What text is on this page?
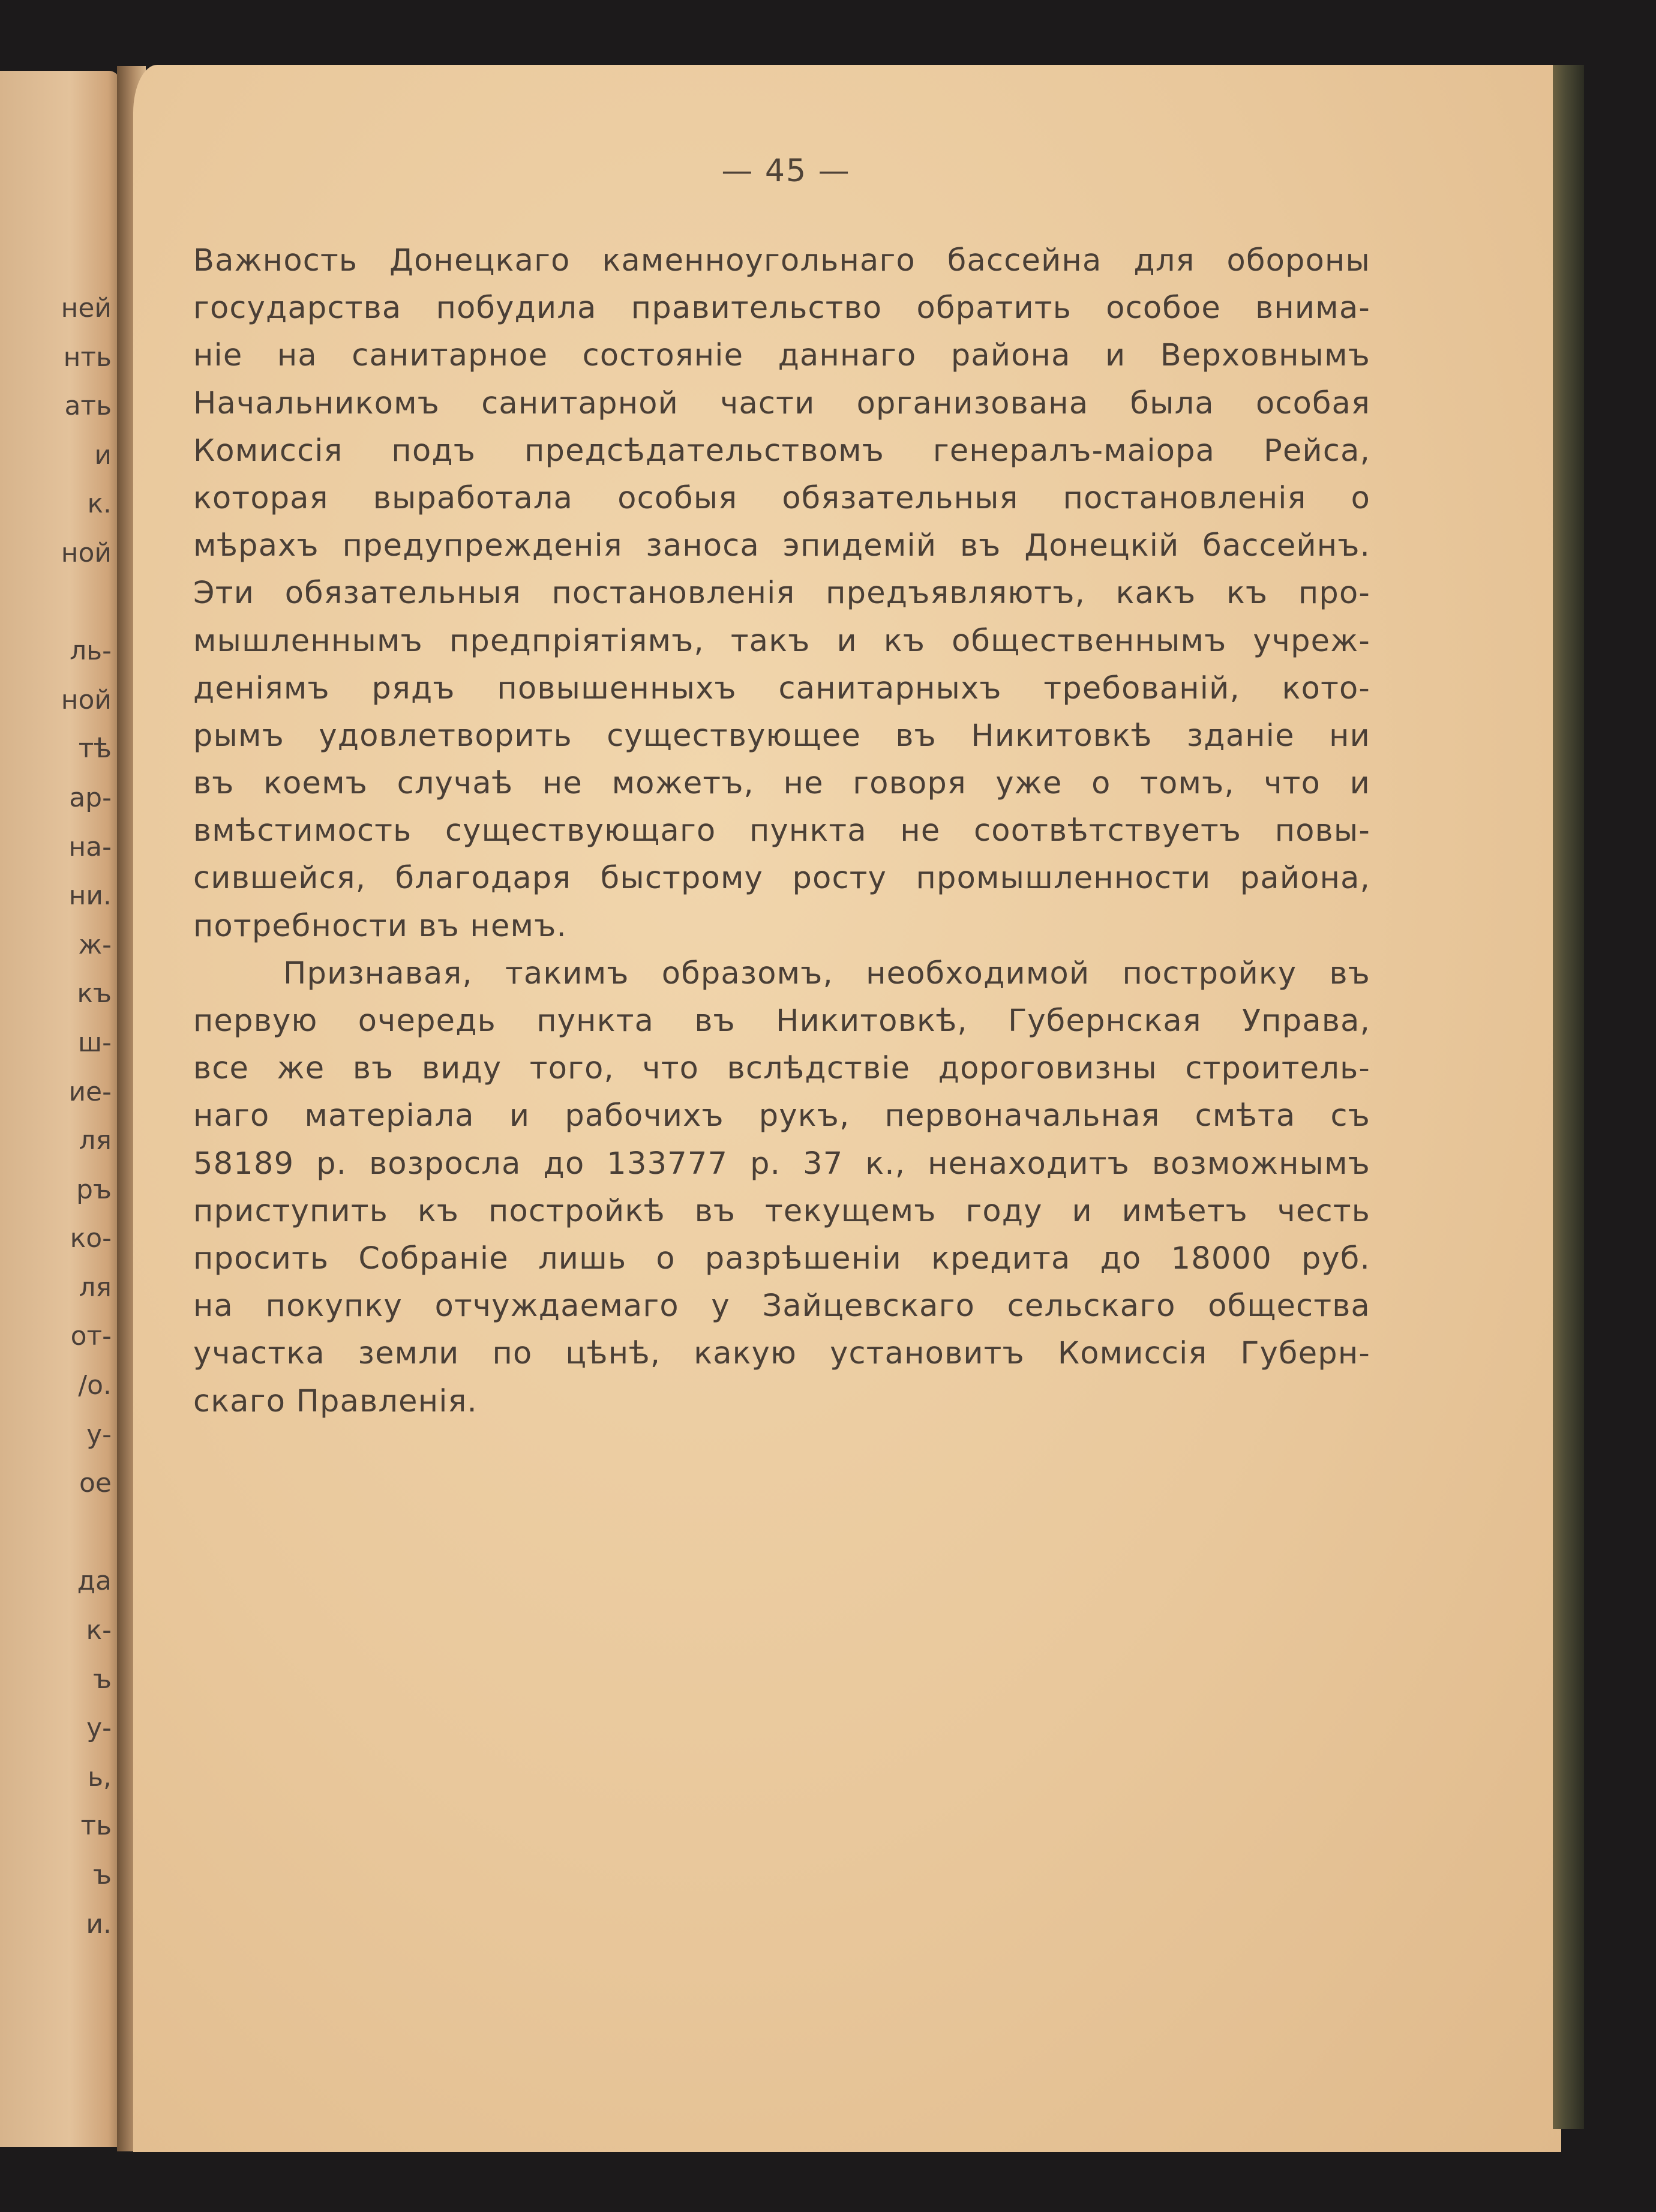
ней
нть
ать
и
к.
ной
ль-
ной
тѣ
ар-
на-
ни.
ж-
къ
ш-
ие-
ля
ръ
ко-
ля
от-
/о.
у-
ое
да
к-
ъ
у-
ь,
ть
ъ
и.
— 45 —
Важность Донецкаго каменноугольнаго бассейна для обороны
государства побудила правительство обратить особое внима-
ніе на санитарное состояніе даннаго района и Верховнымъ
Начальникомъ санитарной части организована была особая
Комиссія подъ предсѣдательствомъ генералъ-маіора Рейса,
которая выработала особыя обязательныя постановленія о
мѣрахъ предупрежденія заноса эпидемій въ Донецкій бассейнъ.
Эти обязательныя постановленія предъявляютъ, какъ къ про-
мышленнымъ предпріятіямъ, такъ и къ общественнымъ учреж-
деніямъ рядъ повышенныхъ санитарныхъ требованій, кото-
рымъ удовлетворить существующее въ Никитовкѣ зданіе ни
въ коемъ случаѣ не можетъ, не говоря уже о томъ, что и
вмѣстимость существующаго пункта не соотвѣтствуетъ повы-
сившейся, благодаря быстрому росту промышленности района,
потребности въ немъ.
Признавая, такимъ образомъ, необходимой постройку въ
первую очередь пункта въ Никитовкѣ, Губернская Управа,
все же въ виду того, что вслѣдствіе дороговизны строитель-
наго матеріала и рабочихъ рукъ, первоначальная смѣта съ
58189 р. возросла до 133777 р. 37 к., ненаходитъ возможнымъ
приступить къ постройкѣ въ текущемъ году и имѣетъ честь
просить Собраніе лишь о разрѣшеніи кредита до 18000 руб.
на покупку отчуждаемаго у Зайцевскаго сельскаго общества
участка земли по цѣнѣ, какую установитъ Комиссія Губерн-
скаго Правленія.
